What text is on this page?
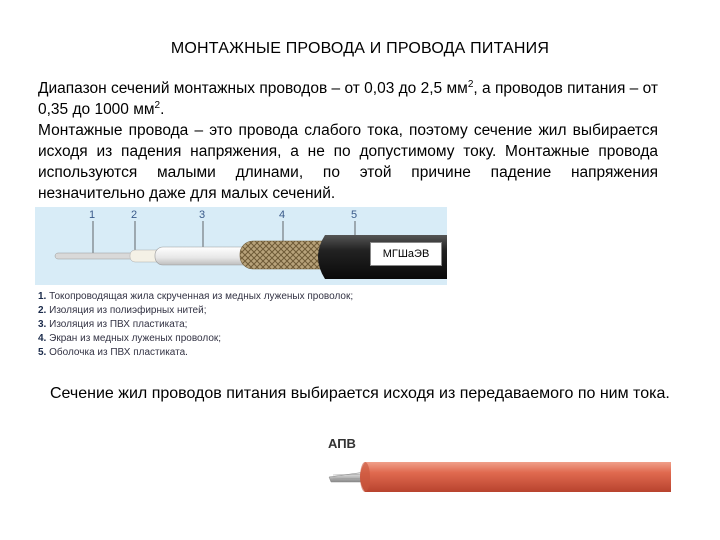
МОНТАЖНЫЕ ПРОВОДА И ПРОВОДА ПИТАНИЯ

Диапазон сечений монтажных проводов – от 0,03 до 2,5 $мм^2$, а проводов питания – от 0,35 до 1000 $мм^2$.

Монтажные провода – это провода слабого тока, поэтому сечение жил выбирается исходя из падения напряжения, а не по допустимому току. Монтажные провода используются малыми длинами, по этой причине падение напряжения незначительно даже для малых сечений.

1	2	3	4	5
МГШаЭВ
1. Токопроводящая жила скрученная из медных луженых проволок;
2. Изоляция из полиэфирных нитей;
3. Изоляция из ПВХ пластиката;
4. Экран из медных луженых проволок;
5. Оболочка из ПВХ пластиката.
Сечение жил проводов питания выбирается исходя из передаваемого по ним тока.
АПВ
